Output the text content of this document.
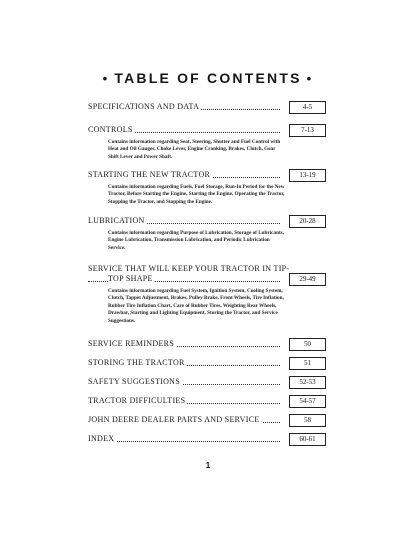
• TABLE OF CONTENTS •
SPECIFICATIONS AND DATA	4-5
CONTROLS	7-13
Contains information regarding Seat, Steering, Shutter and Fuel Control with Heat and Oil Gauges, Choke Lever, Engine Cranking, Brakes, Clutch, Gear Shift Lever and Power Shaft.
STARTING THE NEW TRACTOR	13-19
Contains information regarding Fuels, Fuel Storage, Run-In Period for the New Tractor, Before Starting the Engine, Starting the Engine, Operating the Tractor, Stopping the Tractor, and Stopping the Engine.
LUBRICATION	20-28
Contains information regarding Purpose of Lubrication, Storage of Lubricants, Engine Lubrication, Transmission Lubrication, and Periodic Lubrication Service.
SERVICE THAT WILL KEEP YOUR TRACTOR IN TIP-
TOP SHAPE	29-49
Contains information regarding Fuel System, Ignition System, Cooling System, Clutch, Tappet Adjustment, Brakes, Pulley Brake, Front Wheels, Tire Inflation, Rubber Tire Inflation Chart, Care of Rubber Tires, Weighting Rear Wheels, Drawbar, Starting and Lighting Equipment, Storing the Tractor, and Service Suggestions.
SERVICE REMINDERS	50
STORING THE TRACTOR	51
SAFETY SUGGESTIONS	52-53
TRACTOR DIFFICULTIES	54-57
JOHN DEERE DEALER PARTS AND SERVICE	58
INDEX	60-61
1
